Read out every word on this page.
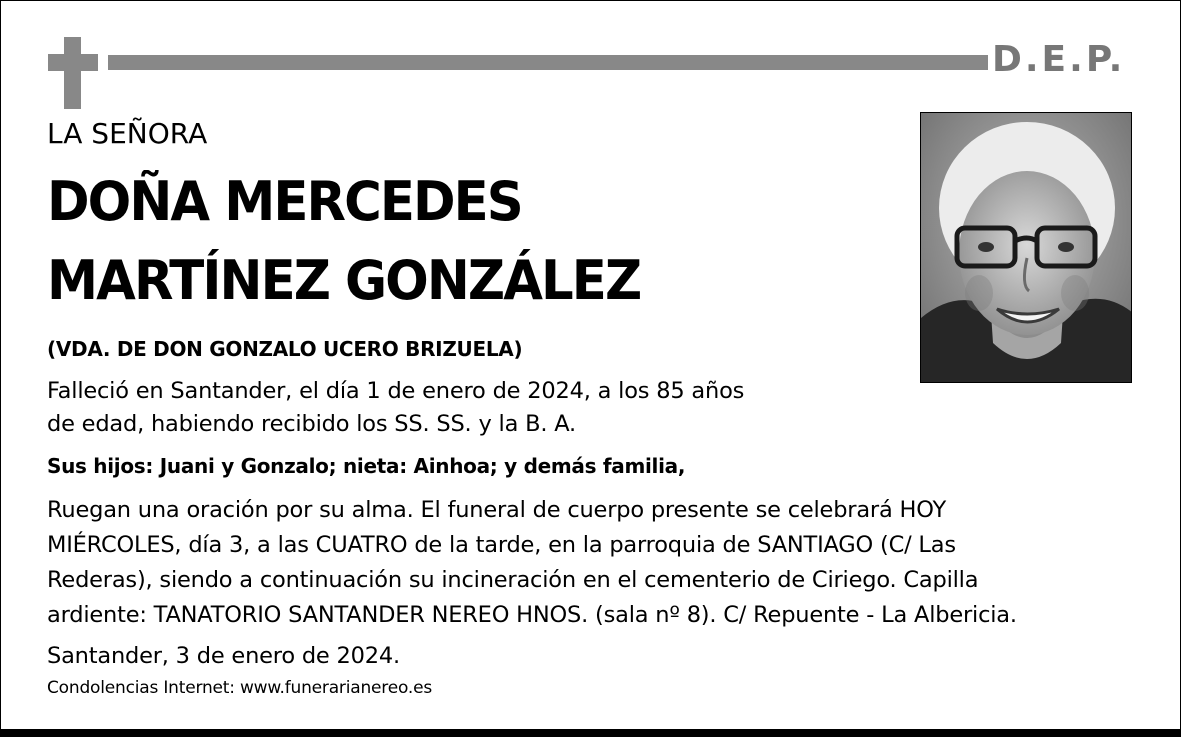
D.E.P.
LA SEÑORA
DOÑA MERCEDES
MARTÍNEZ GONZÁLEZ
(VDA. DE DON GONZALO UCERO BRIZUELA)
Falleció en Santander, el día 1 de enero de 2024, a los 85 años
de edad, habiendo recibido los SS. SS. y la B. A.
Sus hijos: Juani y Gonzalo; nieta: Ainhoa; y demás familia,
Ruegan una oración por su alma. El funeral de cuerpo presente se celebrará HOY
MIÉRCOLES, día 3, a las CUATRO de la tarde, en la parroquia de SANTIAGO (C/ Las
Rederas), siendo a continuación su incineración en el cementerio de Ciriego. Capilla
ardiente: TANATORIO SANTANDER NEREO HNOS. (sala nº 8). C/ Repuente - La Albericia.
Santander, 3 de enero de 2024.
Condolencias Internet: www.funerarianereo.es
